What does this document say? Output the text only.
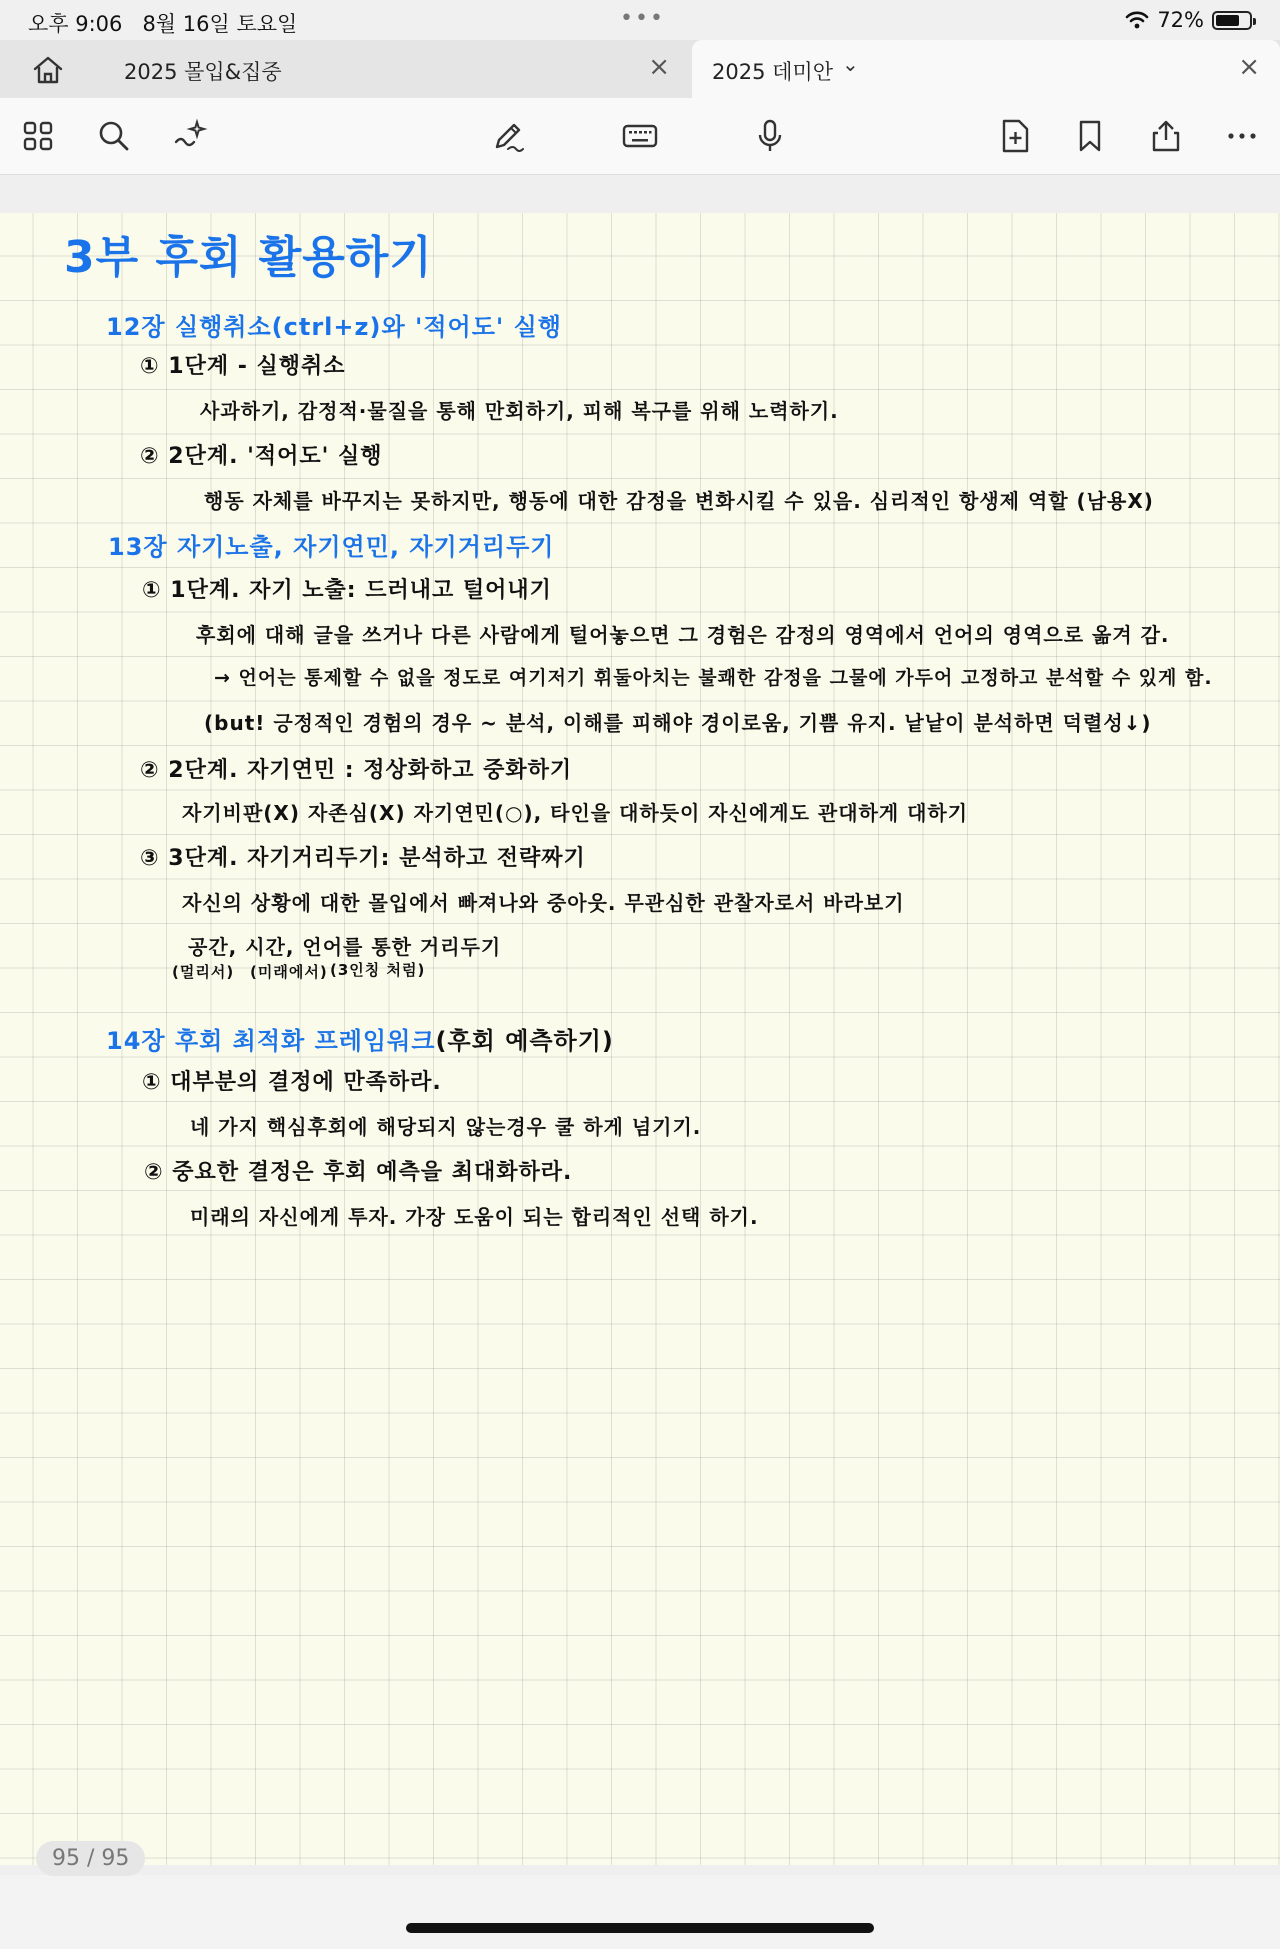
오후 9:06 8월 16일 토요일	•••	72%
2025 몰입&집중	× 2025 데미안 ⌄	×
3부 후회 활용하기
12장 실행취소(ctrl+z)와 '적어도' 실행
① 1단계 - 실행취소
사과하기, 감정적·물질을 통해 만회하기, 피해 복구를 위해 노력하기.
② 2단계. '적어도' 실행
행동 자체를 바꾸지는 못하지만, 행동에 대한 감정을 변화시킬 수 있음. 심리적인 항생제 역할 (남용X)
13장 자기노출, 자기연민, 자기거리두기
① 1단계. 자기 노출: 드러내고 털어내기
후회에 대해 글을 쓰거나 다른 사람에게 털어놓으면 그 경험은 감정의 영역에서 언어의 영역으로 옮겨 감.
→ 언어는 통제할 수 없을 정도로 여기저기 휘둘아치는 불쾌한 감정을 그물에 가두어 고정하고 분석할 수 있게 함.
(but! 긍정적인 경험의 경우 ~ 분석, 이해를 피해야 경이로움, 기쁨 유지. 낱낱이 분석하면 덕렬성↓)
② 2단계. 자기연민 : 정상화하고 중화하기
자기비판(X) 자존심(X) 자기연민(○), 타인을 대하듯이 자신에게도 관대하게 대하기
③ 3단계. 자기거리두기: 분석하고 전략짜기
자신의 상황에 대한 몰입에서 빠져나와 중아웃. 무관심한 관찰자로서 바라보기
공간, 시간, 언어를 통한 거리두기
(멀리서) (미래에서) (3인칭 처럼)
14장 후회 최적화 프레임워크(후회 예측하기)
① 대부분의 결정에 만족하라.
네 가지 핵심후회에 해당되지 않는경우 쿨 하게 넘기기.
② 중요한 결정은 후회 예측을 최대화하라.
미래의 자신에게 투자. 가장 도움이 되는 합리적인 선택 하기.
95 / 95
